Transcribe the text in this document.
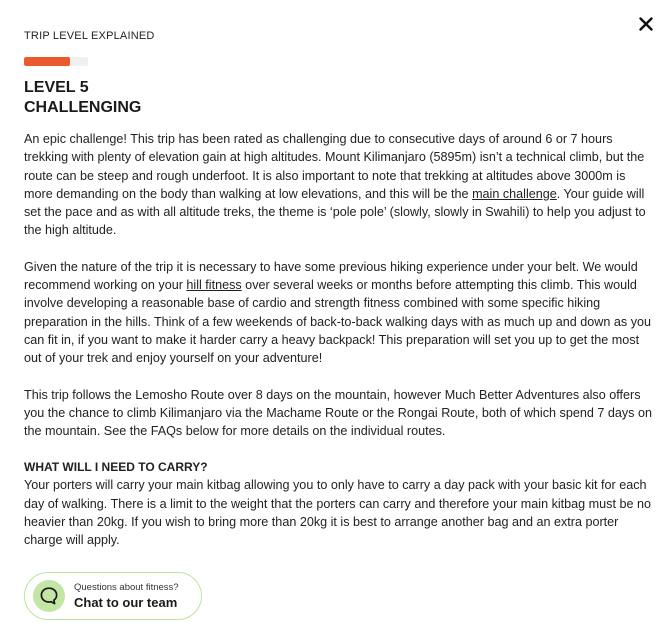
TRIP LEVEL EXPLAINED
LEVEL 5
CHALLENGING

An epic challenge! This trip has been rated as challenging due to consecutive days of around 6 or 7 hours trekking with plenty of elevation gain at high altitudes. Mount Kilimanjaro (5895m) isn’t a technical climb, but the route can be steep and rough underfoot. It is also important to note that trekking at altitudes above 3000m is more demanding on the body than walking at low elevations, and this will be the main challenge. Your guide will set the pace and as with all altitude treks, the theme is ‘pole pole’ (slowly, slowly in Swahili) to help you adjust to the high altitude.

Given the nature of the trip it is necessary to have some previous hiking experience under your belt. We would recommend working on your hill fitness over several weeks or months before attempting this climb. This would involve developing a reasonable base of cardio and strength fitness combined with some specific hiking preparation in the hills. Think of a few weekends of back-to-back walking days with as much up and down as you can fit in, if you want to make it harder carry a heavy backpack! This preparation will set you up to get the most out of your trek and enjoy yourself on your adventure!

This trip follows the Lemosho Route over 8 days on the mountain, however Much Better Adventures also offers you the chance to climb Kilimanjaro via the Machame Route or the Rongai Route, both of which spend 7 days on the mountain. See the FAQs below for more details on the individual routes.

WHAT WILL I NEED TO CARRY?

Your porters will carry your main kitbag allowing you to only have to carry a day pack with your basic kit for each day of walking. There is a limit to the weight that the porters can carry and therefore your main kitbag must be no heavier than 20kg. If you wish to bring more than 20kg it is best to arrange another bag and an extra porter charge will apply.

Questions about fitness?
Chat to our team
